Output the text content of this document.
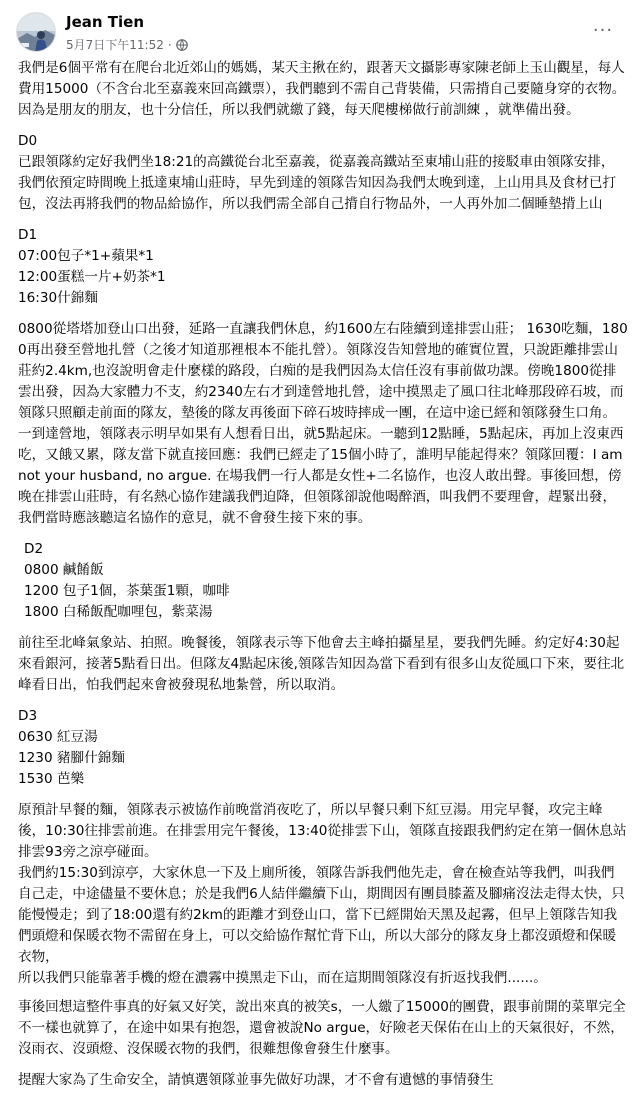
Jean Tien
5月7日下午11:52 ·
···

我們是6個平常有在爬台北近郊山的媽媽，某天主揪在約，跟著天文攝影專家陳老師上玉山觀星，每人費用15000（不含台北至嘉義來回高鐵票），我們聽到不需自己背裝備，只需揹自己要隨身穿的衣物。因為是朋友的朋友，也十分信任，所以我們就繳了錢，每天爬樓梯做行前訓練 ，就準備出發。

D0
已跟領隊約定好我們坐18:21的高鐵從台北至嘉義，從嘉義高鐵站至東埔山莊的接駁車由領隊安排，我們依預定時間晚上抵達東埔山莊時，早先到達的領隊告知因為我們太晚到達，上山用具及食材已打包，沒法再將我們的物品給協作，所以我們需全部自己揹自行物品外，一人再外加二個睡墊揹上山

D1
07:00包子*1+蘋果*1
12:00蛋糕一片+奶茶*1
16:30什錦麵

0800從塔塔加登山口出發，延路一直讓我們休息，約1600左右陸續到達排雲山莊； 1630吃麵，1800再出發至營地扎營（之後才知道那裡根本不能扎營）。領隊沒告知營地的確實位置，只說距離排雲山莊約2.4km,也沒說明會走什麼樣的路段，白痴的是我們因為太信任沒有事前做功課。傍晚1800從排雲出發，因為大家體力不支，約2340左右才到達營地扎營，途中摸黑走了風口往北峰那段碎石坡，而領隊只照顧走前面的隊友，墊後的隊友再後面下碎石坡時摔成一團，在這中途已經和領隊發生口角。一到達營地，領隊表示明早如果有人想看日出，就5點起床。一聽到12點睡，5點起床，再加上沒東西吃，又餓又累，隊友當下就直接回應：我們已經走了15個小時了，誰明早能起得來？領隊回覆：I am not your husband, no argue. 在場我們一行人都是女性+二名協作，也沒人敢出聲。事後回想，傍晚在排雲山莊時，有名熱心協作建議我們迫降，但領隊卻說他喝醉酒，叫我們不要理會，趕緊出發，我們當時應該聽這名協作的意見，就不會發生接下來的事。

D2
0800 鹹餚飯
1200 包子1個，茶葉蛋1顆，咖啡
1800 白稀飯配咖哩包，紫菜湯

前往至北峰氣象站、拍照。晚餐後，領隊表示等下他會去主峰拍攝星星，要我們先睡。約定好4:30起來看銀河，接著5點看日出。但隊友4點起床後,領隊告知因為當下看到有很多山友從風口下來，要往北峰看日出，怕我們起來會被發現私地紮營，所以取消。

D3
0630 紅豆湯
1230 豬腳什錦麵
1530 芭樂

原預計早餐的麵，領隊表示被協作前晚當消夜吃了，所以早餐只剩下紅豆湯。用完早餐，攻完主峰後，10:30往排雲前進。在排雲用完午餐後，13:40從排雲下山，領隊直接跟我們約定在第一個休息站排雲93旁之涼亭碰面。
我們約15:30到涼亭，大家休息一下及上廁所後，領隊告訴我們他先走，會在檢查站等我們，叫我們自己走，中途儘量不要休息；於是我們6人結伴繼續下山，期間因有團員膝蓋及腳痛沒法走得太快，只能慢慢走；到了18:00還有約2km的距離才到登山口，當下已經開始天黑及起霧，但早上領隊告知我們頭燈和保暖衣物不需留在身上，可以交給協作幫忙背下山，所以大部分的隊友身上都沒頭燈和保暖衣物，
所以我們只能靠著手機的燈在濃霧中摸黑走下山，而在這期間領隊沒有折返找我們......。

事後回想這整件事真的好氣又好笑，說出來真的被笑s，一人繳了15000的團費，跟事前開的菜單完全不一樣也就算了，在途中如果有抱怨，還會被說No argue，好險老天保佑在山上的天氣很好，不然，沒雨衣、沒頭燈、沒保暖衣物的我們，很難想像會發生什麼事。

提醒大家為了生命安全，請慎選領隊並事先做好功課，才不會有遺憾的事情發生
